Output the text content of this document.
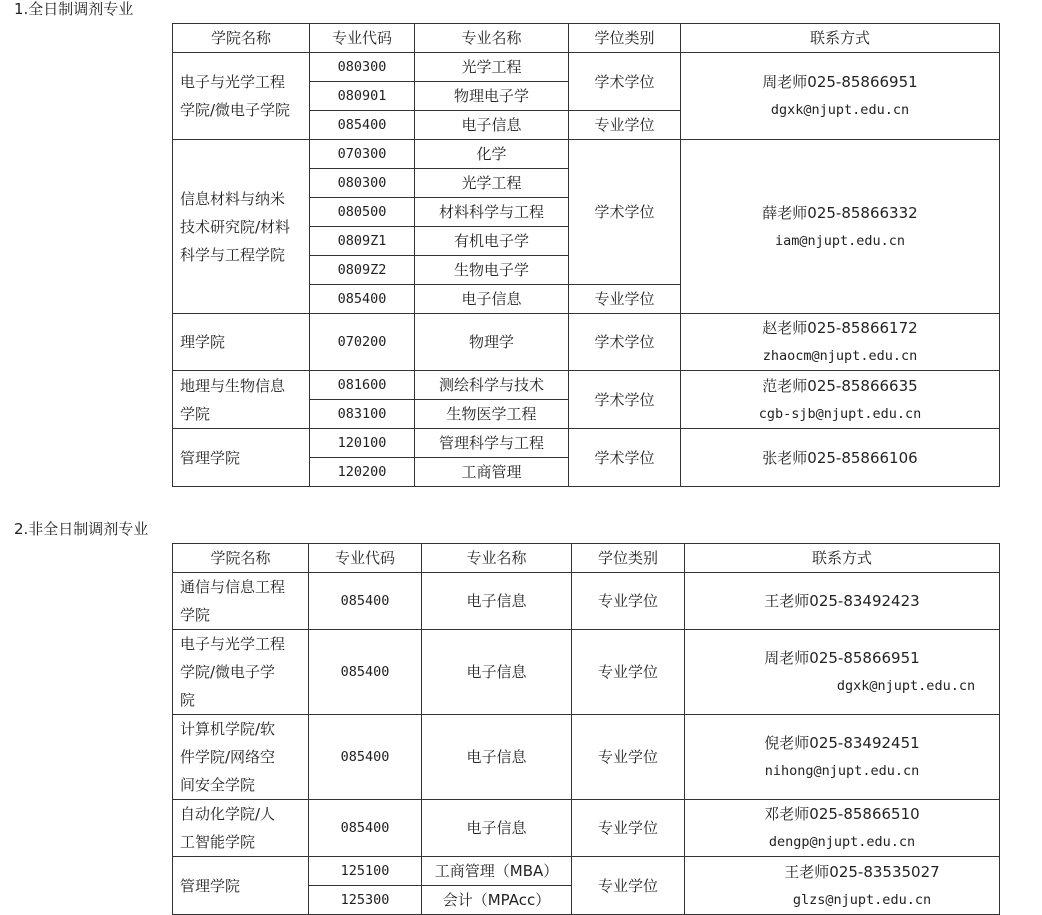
1.全日制调剂专业
学院名称	专业代码	专业名称	学位类别	联系方式

电子与光学工程
学院/微电子学院	080300	光学工程	学术学位	周老师025-85866951
dgxk@njupt.edu.cn

	080901	物理电子学		
	085400	电子信息	专业学位	

信息材料与纳米
技术研究院/材料
科学与工程学院	070300	化学	学术学位	薛老师025-85866332
iam@njupt.edu.cn

	080300	光学工程		
	080500	材料科学与工程		
	0809Z1	有机电子学		
	0809Z2	生物电子学		
	085400	电子信息	专业学位	

理学院	070200	物理学	学术学位	赵老师025-85866172
zhaocm@njupt.edu.cn

地理与生物信息
学院	081600	测绘科学与技术	学术学位	范老师025-85866635
cgb-sjb@njupt.edu.cn

	083100	生物医学工程		

管理学院	120100	管理科学与工程	学术学位	张老师025-85866106

	120200	工商管理		
2.非全日制调剂专业
学院名称	专业代码	专业名称	学位类别	联系方式

通信与信息工程
学院	085400	电子信息	专业学位	王老师025-83492423

电子与光学工程
学院/微电子学
院	085400	电子信息	专业学位	周老师025-85866951
dgxk@njupt.edu.cn

计算机学院/软
件学院/网络空
间安全学院	085400	电子信息	专业学位	倪老师025-83492451
nihong@njupt.edu.cn

自动化学院/人
工智能学院	085400	电子信息	专业学位	邓老师025-85866510
dengp@njupt.edu.cn

管理学院	125100	工商管理（MBA）	专业学位	王老师025-83535027
glzs@njupt.edu.cn

	125300	会计（MPAcc）		
